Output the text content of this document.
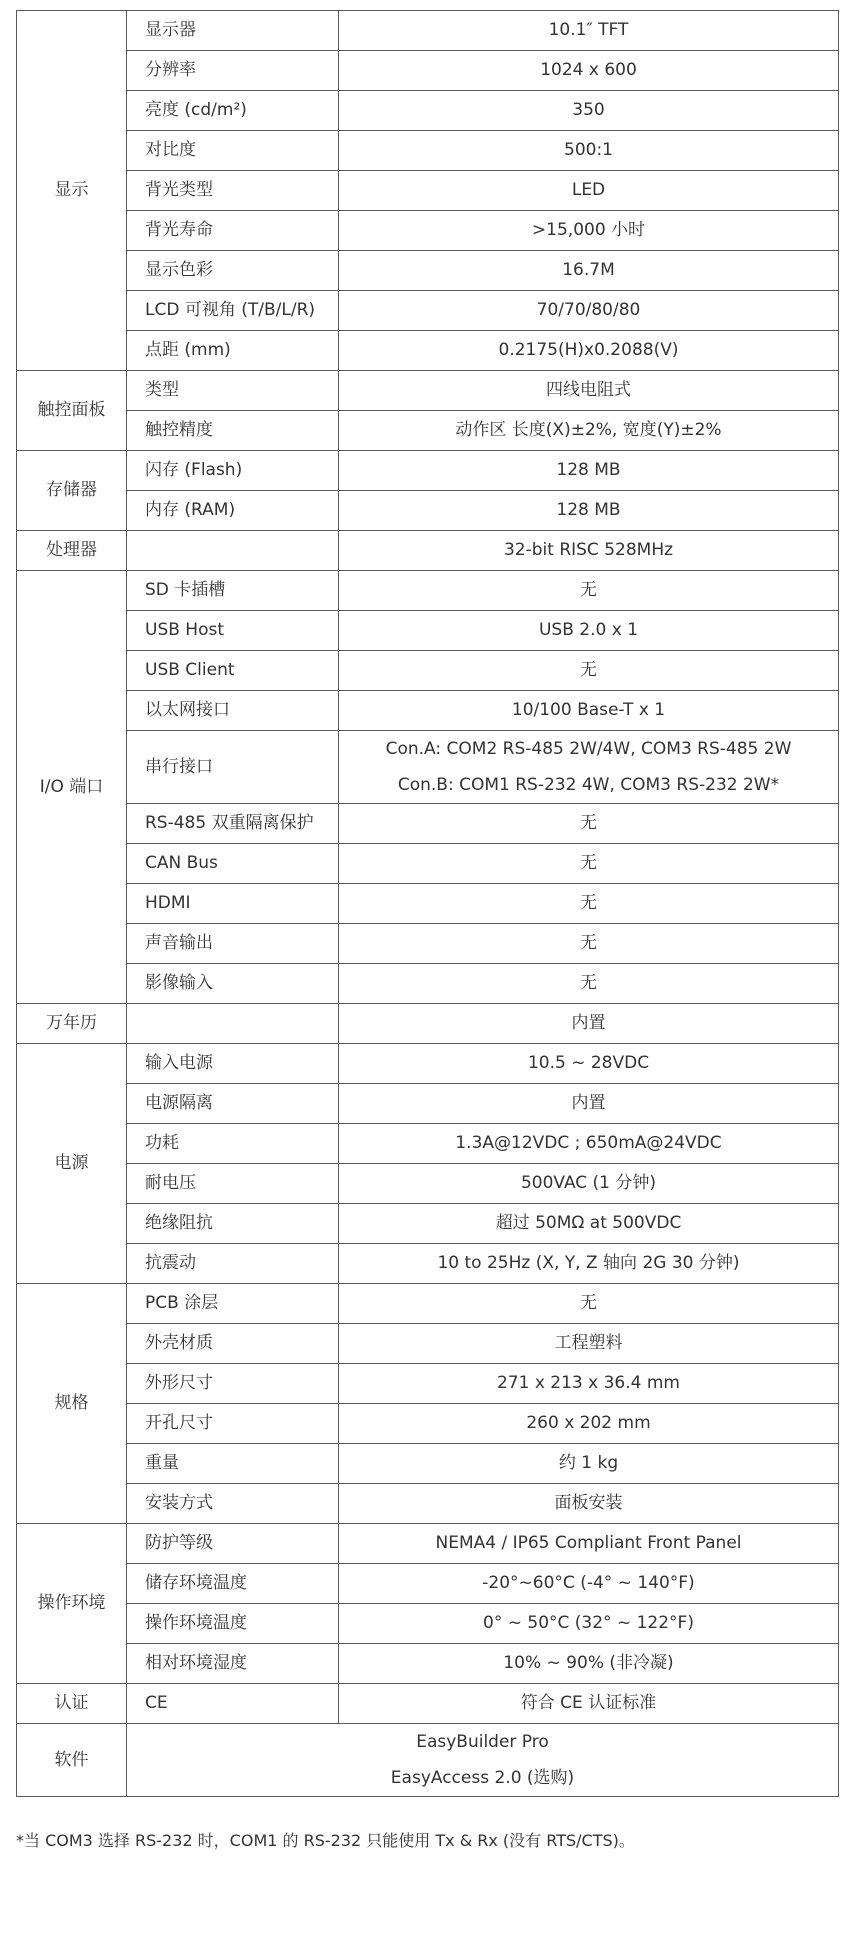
显示	显示器	10.1″ TFT
	分辨率	1024 x 600
	亮度 (cd/m²)	350
	对比度	500:1
	背光类型	LED
	背光寿命	>15,000 小时
	显示色彩	16.7M
	LCD 可视角 (T/B/L/R)	70/70/80/80
	点距 (mm)	0.2175(H)x0.2088(V)
触控面板	类型	四线电阻式
	触控精度	动作区 长度(X)±2%, 宽度(Y)±2%
存储器	闪存 (Flash)	128 MB
	内存 (RAM)	128 MB
处理器		32-bit RISC 528MHz
I/O 端口	SD 卡插槽	无
	USB Host	USB 2.0 x 1
	USB Client	无
	以太网接口	10/100 Base-T x 1
	串行接口	Con.A: COM2 RS-485 2W/4W, COM3 RS-485 2W
Con.B: COM1 RS-232 4W, COM3 RS-232 2W*

	RS-485 双重隔离保护	无
	CAN Bus	无
	HDMI	无
	声音输出	无
	影像输入	无
万年历		内置
电源	输入电源	10.5 ~ 28VDC
	电源隔离	内置
	功耗	1.3A@12VDC ; 650mA@24VDC
	耐电压	500VAC (1 分钟)
	绝缘阻抗	超过 50MΩ at 500VDC
	抗震动	10 to 25Hz (X, Y, Z 轴向 2G 30 分钟)
规格	PCB 涂层	无
	外壳材质	工程塑料
	外形尺寸	271 x 213 x 36.4 mm
	开孔尺寸	260 x 202 mm
	重量	约 1 kg
	安装方式	面板安装
操作环境	防护等级	NEMA4 / IP65 Compliant Front Panel
	储存环境温度	-20°~60°C (-4° ~ 140°F)
	操作环境温度	0° ~ 50°C (32° ~ 122°F)
	相对环境湿度	10% ~ 90% (非冷凝)
认证	CE	符合 CE 认证标准
软件	EasyBuilder Pro
EasyAccess 2.0 (选购)	
*当 COM3 选择 RS-232 时，COM1 的 RS-232 只能使用 Tx & Rx (没有 RTS/CTS)。
